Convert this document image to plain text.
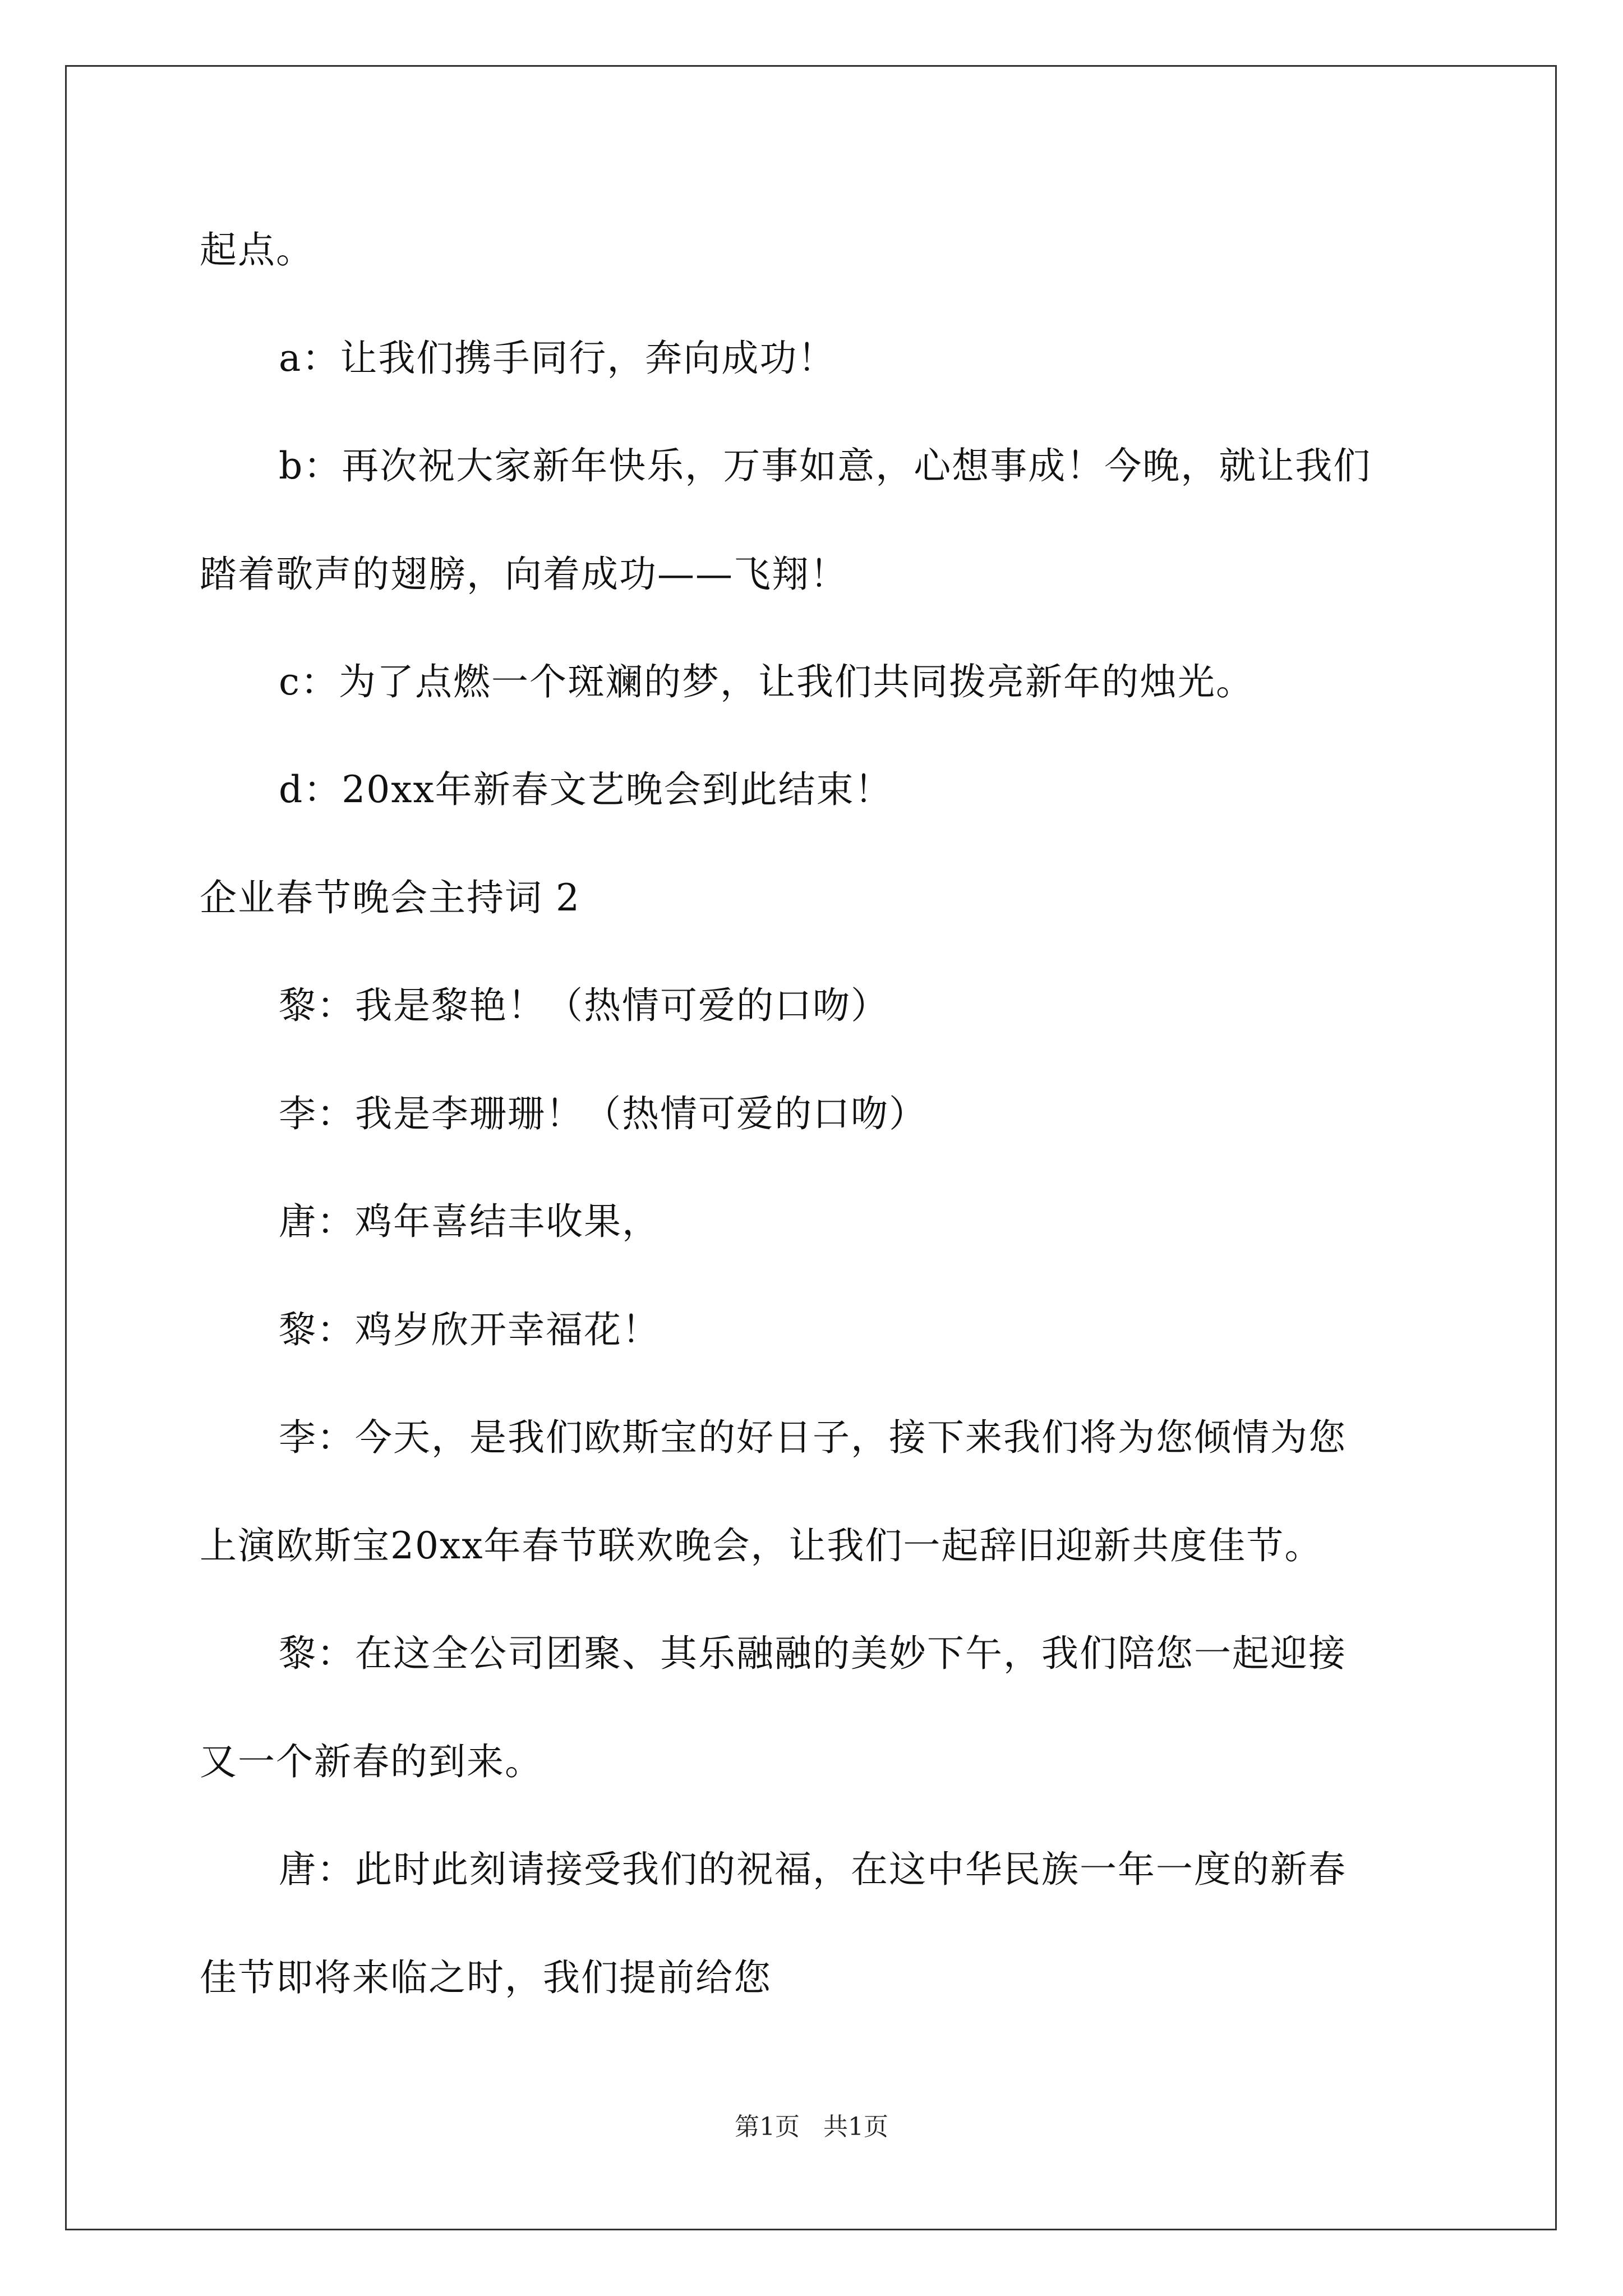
起点。
a：让我们携手同行，奔向成功！
b：再次祝大家新年快乐，万事如意，心想事成！今晚，就让我们
踏着歌声的翅膀，向着成功——飞翔！
c：为了点燃一个斑斓的梦，让我们共同拨亮新年的烛光。
d：20xx年新春文艺晚会到此结束！
企业春节晚会主持词 2
黎：我是黎艳！（热情可爱的口吻）
李：我是李珊珊！（热情可爱的口吻）
唐：鸡年喜结丰收果，
黎：鸡岁欣开幸福花！
李：今天，是我们欧斯宝的好日子，接下来我们将为您倾情为您
上演欧斯宝20xx年春节联欢晚会，让我们一起辞旧迎新共度佳节。
黎：在这全公司团聚、其乐融融的美妙下午，我们陪您一起迎接
又一个新春的到来。
唐：此时此刻请接受我们的祝福，在这中华民族一年一度的新春
佳节即将来临之时，我们提前给您
第1页 共1页
